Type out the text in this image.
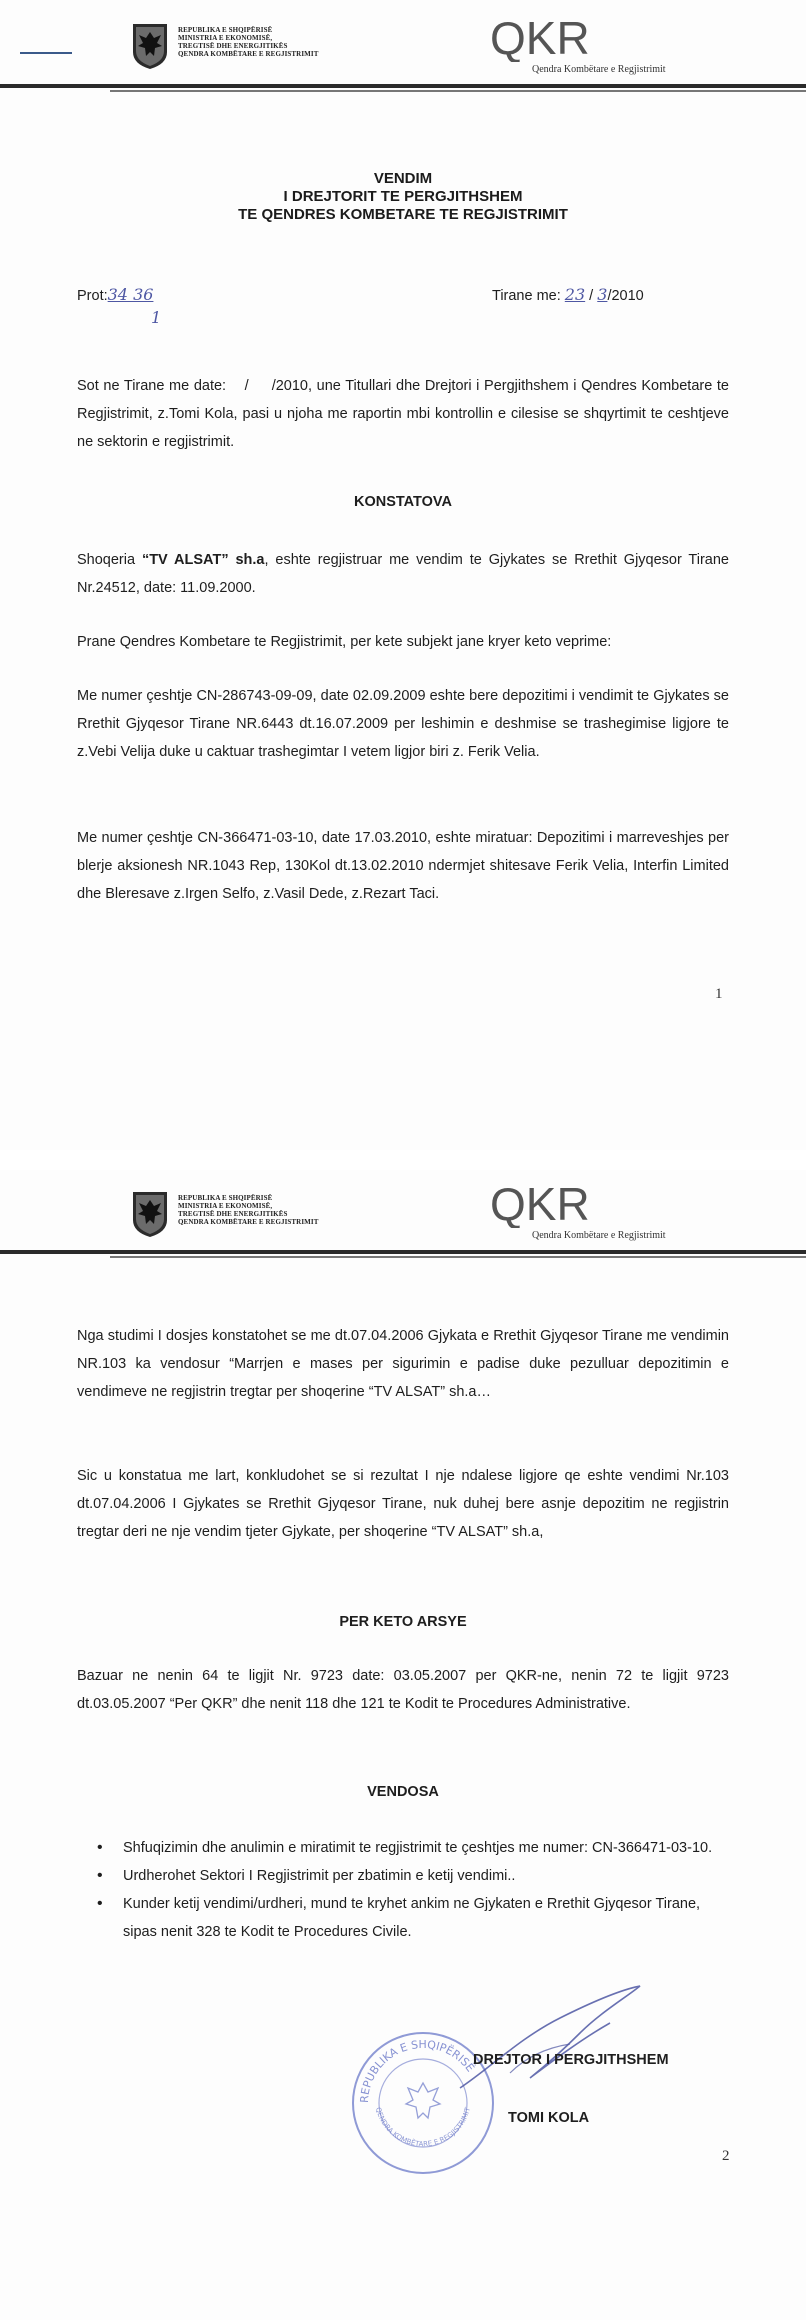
REPUBLIKA E SHQIPËRISË
MINISTRIA E EKONOMISË,
TREGTISË DHE ENERGJITIKËS
QENDRA KOMBËTARE E REGJISTRIMIT	QKR
Qendra Kombëtare e Regjistrimit
VENDIM
I DREJTORIT TE PERGJITHSHEM
TE QENDRES KOMBETARE TE REGJISTRIMIT
Prot:34 36
1
Tirane me: 23 / 3/2010

Sot ne Tirane me date:    /     /2010, une Titullari dhe Drejtori i Pergjithshem i Qendres Kombetare te Regjistrimit, z.Tomi Kola, pasi u njoha me raportin mbi kontrollin e cilesise se shqyrtimit te ceshtjeve ne sektorin e regjistrimit.

KONSTATOVA

Shoqeria “TV ALSAT” sh.a, eshte regjistruar me vendim te Gjykates se Rrethit Gjyqesor Tirane Nr.24512, date: 11.09.2000.

Prane Qendres Kombetare te Regjistrimit, per kete subjekt jane kryer keto veprime:

Me numer çeshtje CN-286743-09-09, date 02.09.2009 eshte bere depozitimi i vendimit te Gjykates se Rrethit Gjyqesor Tirane NR.6443 dt.16.07.2009 per leshimin e deshmise se trashegimise ligjore te z.Vebi Velija duke u caktuar trashegimtar I vetem ligjor biri z. Ferik Velia.

Me numer çeshtje CN-366471-03-10, date 17.03.2010, eshte miratuar: Depozitimi i marreveshjes per blerje aksionesh NR.1043 Rep, 130Kol dt.13.02.2010 ndermjet shitesave Ferik Velia, Interfin Limited dhe Bleresave z.Irgen Selfo, z.Vasil Dede, z.Rezart Taci.

1
REPUBLIKA E SHQIPËRISË
MINISTRIA E EKONOMISË,
TREGTISË DHE ENERGJITIKËS
QENDRA KOMBËTARE E REGJISTRIMIT	QKR
Qendra Kombëtare e Regjistrimit

Nga studimi I dosjes konstatohet se me dt.07.04.2006 Gjykata e Rrethit Gjyqesor Tirane me vendimin NR.103 ka vendosur “Marrjen e mases per sigurimin e padise duke pezulluar depozitimin e vendimeve ne regjistrin tregtar per shoqerine “TV ALSAT” sh.a…

Sic u konstatua me lart, konkludohet se si rezultat I nje ndalese ligjore qe eshte vendimi Nr.103 dt.07.04.2006 I Gjykates se Rrethit Gjyqesor Tirane, nuk duhej bere asnje depozitim ne regjistrin tregtar deri ne nje vendim tjeter Gjykate, per shoqerine “TV ALSAT” sh.a,

PER KETO ARSYE

Bazuar ne nenin 64 te ligjit Nr. 9723 date: 03.05.2007 per QKR-ne, nenin 72 te ligjit 9723 dt.03.05.2007 “Per QKR” dhe nenit 118 dhe 121 te Kodit te Procedures Administrative.

VENDOSA
• Shfuqizimin dhe anulimin e miratimit te regjistrimit te çeshtjes me numer: CN-366471-03-10.
• Urdherohet Sektori I Regjistrimit per zbatimin e ketij vendimi..
• Kunder ketij vendimi/urdheri, mund te kryhet ankim ne Gjykaten e Rrethit Gjyqesor Tirane, sipas nenit 328 te Kodit te Procedures Civile.
REPUBLIKA E SHQIPËRISË
QENDRA KOMBËTARE E REGJISTRIMIT
DREJTOR I PERGJITHSHEM
TOMI KOLA
2
